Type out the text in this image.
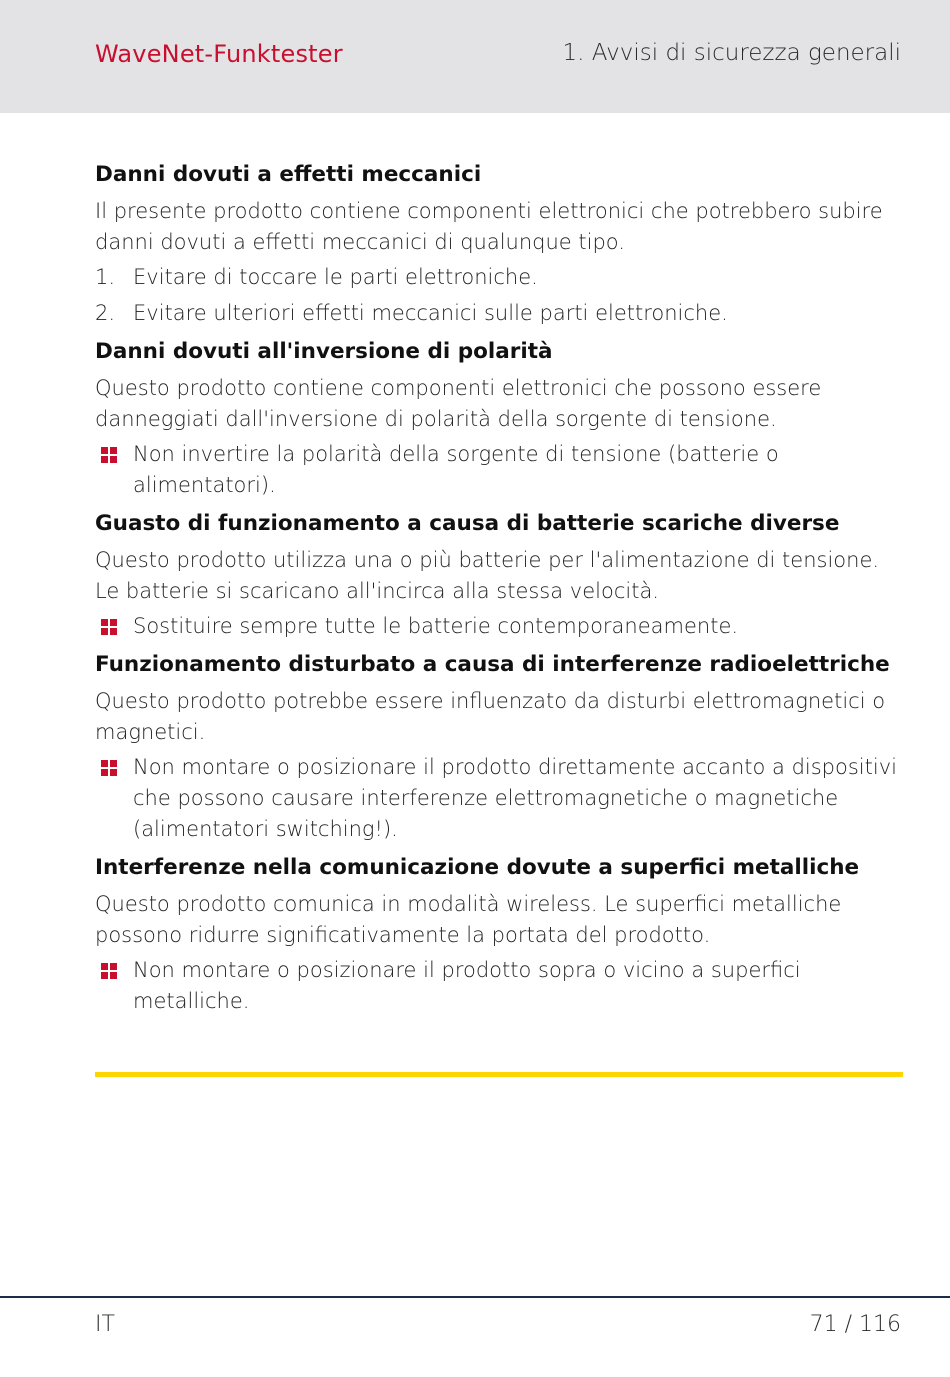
WaveNet-Funktester	1. Avvisi di sicurezza generali
Danni dovuti a effetti meccanici
Il presente prodotto contiene componenti elettronici che potrebbero subire danni dovuti a effetti meccanici di qualunque tipo.
1. Evitare di toccare le parti elettroniche.
2. Evitare ulteriori effetti meccanici sulle parti elettroniche.
Danni dovuti all'inversione di polarità
Questo prodotto contiene componenti elettronici che possono essere danneggiati dall'inversione di polarità della sorgente di tensione.
Non invertire la polarità della sorgente di tensione (batterie o alimentatori).
Guasto di funzionamento a causa di batterie scariche diverse
Questo prodotto utilizza una o più batterie per l'alimentazione di tensione. Le batterie si scaricano all'incirca alla stessa velocità.
Sostituire sempre tutte le batterie contemporaneamente.
Funzionamento disturbato a causa di interferenze radioelettriche
Questo prodotto potrebbe essere influenzato da disturbi elettromagnetici o magnetici.
Non montare o posizionare il prodotto direttamente accanto a dispositivi che possono causare interferenze elettromagnetiche o magnetiche (alimentatori switching!).
Interferenze nella comunicazione dovute a superfici metalliche
Questo prodotto comunica in modalità wireless. Le superfici metalliche possono ridurre significativamente la portata del prodotto.
Non montare o posizionare il prodotto sopra o vicino a superfici metalliche.
IT	71 / 116
